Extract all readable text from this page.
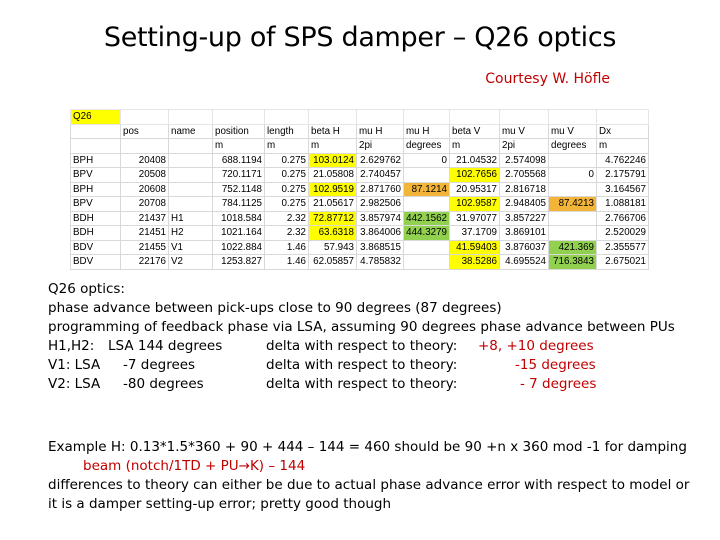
Setting-up of SPS damper – Q26 optics
Courtesy W. Höfle
Q26											
	pos	name	position	length	beta H	mu H	mu H	beta V	mu V	mu V	Dx
			m	m	m	2pi	degrees	m	2pi	degrees	m
BPH	20408		688.1194	0.275	103.0124	2.629762	0	21.04532	2.574098		4.762246
BPV	20508		720.1171	0.275	21.05808	2.740457		102.7656	2.705568	0	2.175791
BPH	20608		752.1148	0.275	102.9519	2.871760	87.1214	20.95317	2.816718		3.164567
BPV	20708		784.1125	0.275	21.05617	2.982506		102.9587	2.948405	87.4213	1.088181
BDH	21437	H1	1018.584	2.32	72.87712	3.857974	442.1562	31.97077	3.857227		2.766706
BDH	21451	H2	1021.164	2.32	63.6318	3.864006	444.3279	37.1709	3.869101		2.520029
BDV	21455	V1	1022.884	1.46	57.943	3.868515		41.59403	3.876037	421.369	2.355577
BDV	22176	V2	1253.827	1.46	62.05857	4.785832		38.5286	4.695524	716.3843	2.675021
Q26 optics:
phase advance between pick-ups close to 90 degrees (87 degrees)
programming of feedback phase via LSA, assuming 90 degrees phase advance between PUs
H1,H2: LSA 144 degrees	delta with respect to theory: +8, +10 degrees
V1: LSA -7 degrees	delta with respect to theory:	-15 degrees
V2: LSA -80 degrees	delta with respect to theory:	- 7 degrees
Example H: 0.13*1.5*360 + 90 + 444 – 144 = 460 should be 90 +n x 360 mod -1 for damping
beam (notch/1TD + PU→K) – 144
differences to theory can either be due to actual phase advance error with respect to model or it is a damper setting-up error; pretty good though
